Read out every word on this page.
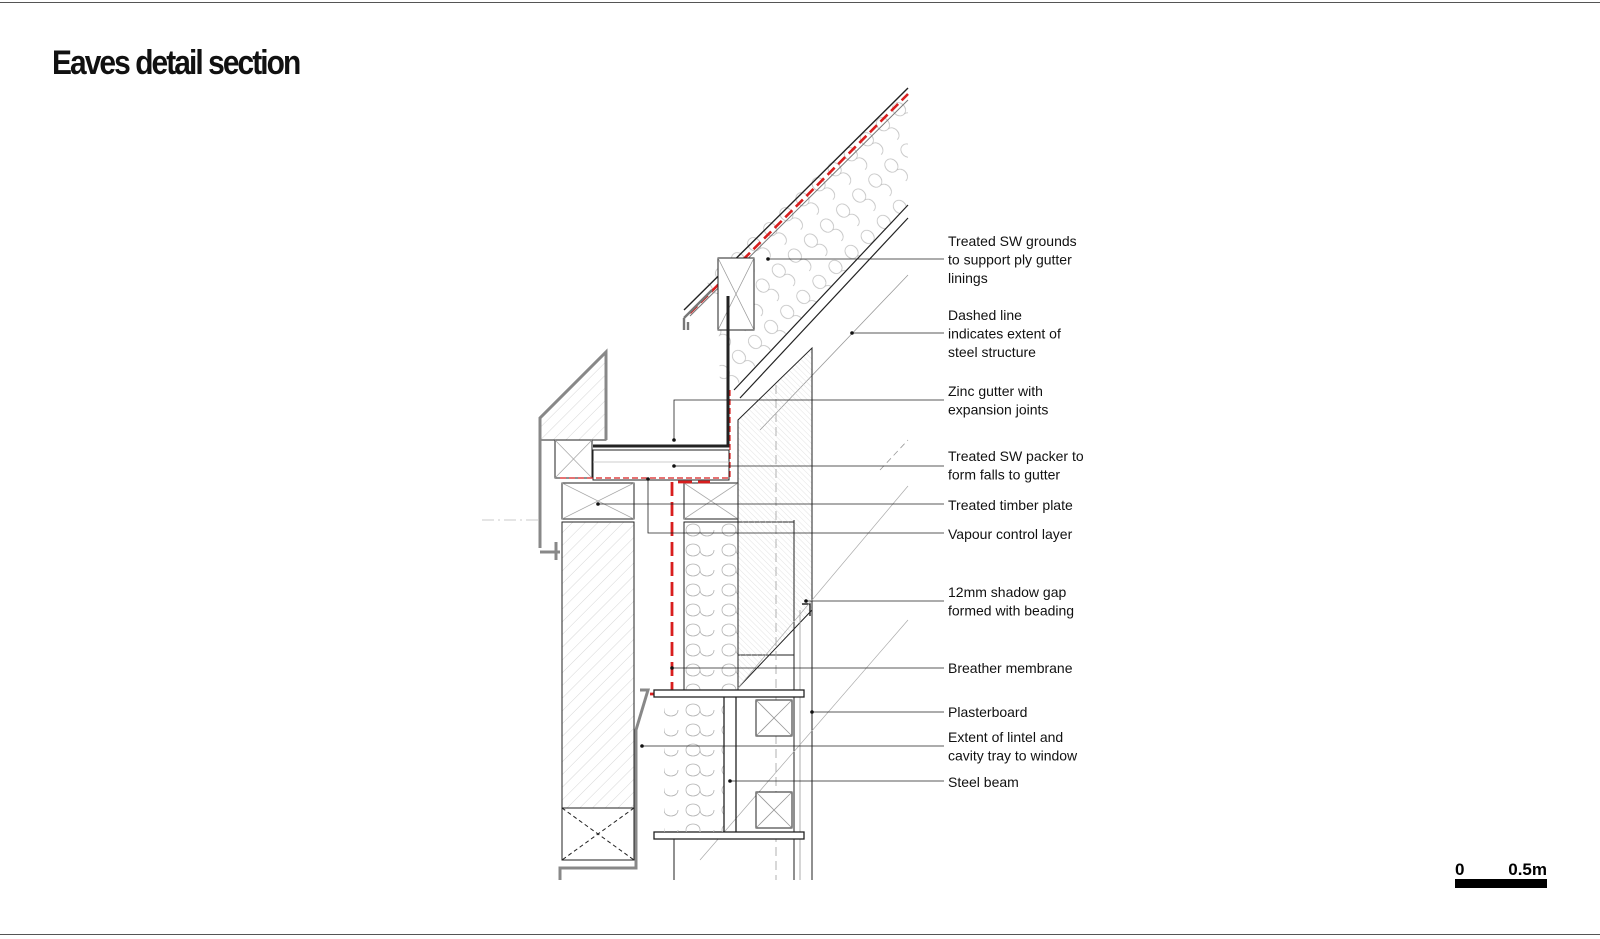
Eaves detail section
Treated SW grounds to support ply gutter linings
Dashed line indicates extent of steel structure
Zinc gutter with expansion joints
Treated SW packer to form falls to gutter
Treated timber plate
Vapour control layer
12mm shadow gap formed with beading
Breather membrane
Plasterboard
Extent of lintel and cavity tray to window
Steel beam
0	0.5m
